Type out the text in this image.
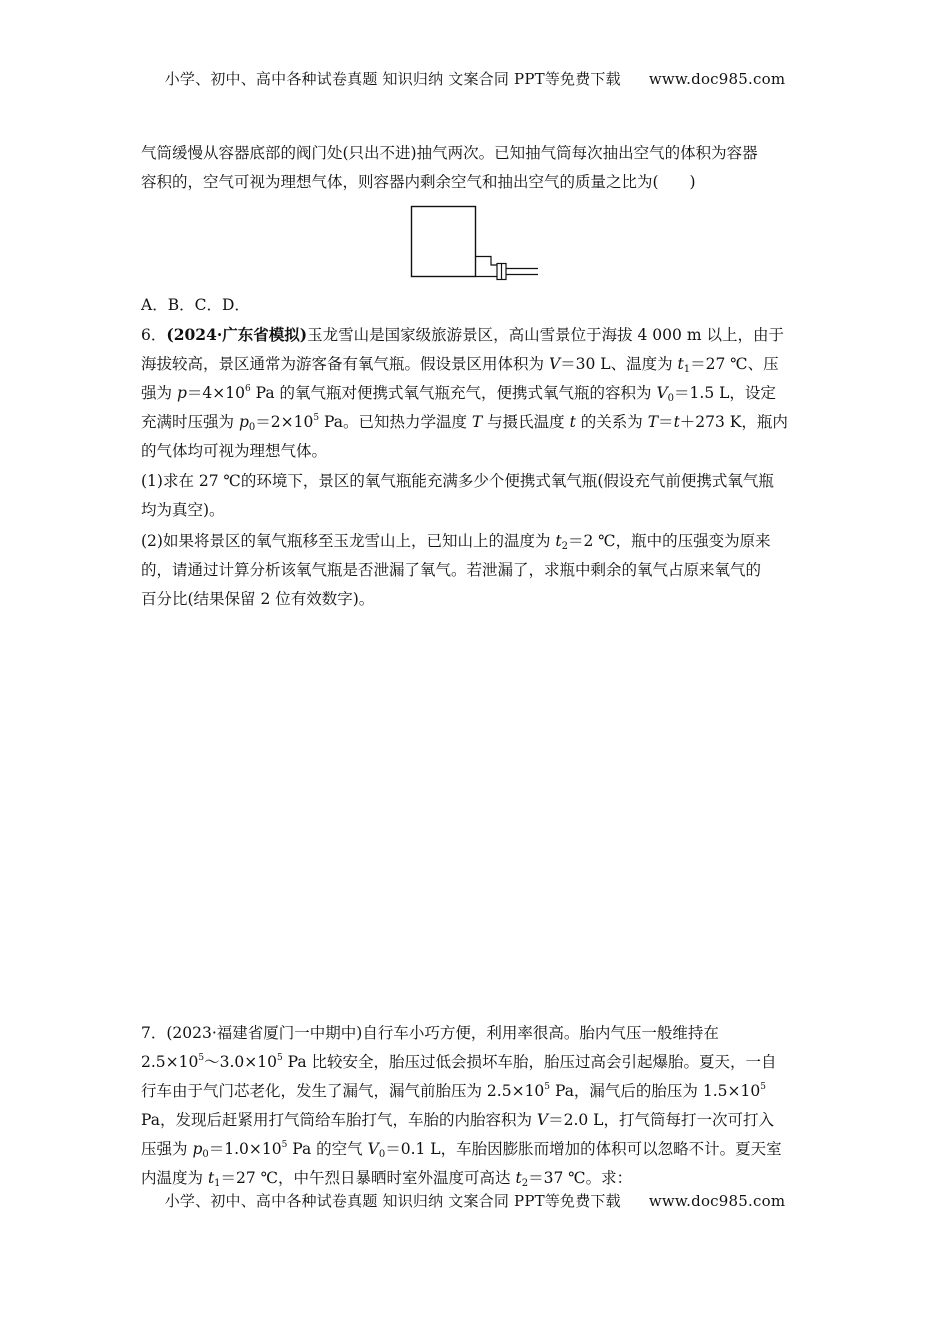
小学、初中、高中各种试卷真题 知识归纳 文案合同 PPT等免费下载 www.doc985.com
气筒缓慢从容器底部的阀门处(只出不进)抽气两次。已知抽气筒每次抽出空气的体积为容器
容积的，空气可视为理想气体，则容器内剩余空气和抽出空气的质量之比为(　　)
A．B．C．D．
6．(2024·广东省模拟)玉龙雪山是国家级旅游景区，高山雪景位于海拔 4 000 m 以上，由于
海拔较高，景区通常为游客备有氧气瓶。假设景区用体积为 V＝30 L、温度为 $t_1=27$ ℃、压
强为 $p=4\times 10^6$ Pa 的氧气瓶对便携式氧气瓶充气，便携式氧气瓶的容积为 $V_0=1.5$ L，设定
充满时压强为 $p_0=2\times 10^5$ Pa。已知热力学温度 T 与摄氏温度 t 的关系为 T＝t＋273 K，瓶内
的气体均可视为理想气体。
(1)求在 27 ℃的环境下，景区的氧气瓶能充满多少个便携式氧气瓶(假设充气前便携式氧气瓶
均为真空)。
(2)如果将景区的氧气瓶移至玉龙雪山上，已知山上的温度为 $t_2=2$ ℃，瓶中的压强变为原来
的，请通过计算分析该氧气瓶是否泄漏了氧气。若泄漏了，求瓶中剩余的氧气占原来氧气的
百分比(结果保留 2 位有效数字)。
7．(2023·福建省厦门一中期中)自行车小巧方便，利用率很高。胎内气压一般维持在
$2.5\times 10^5\sim 3.0\times 10^5$ Pa 比较安全，胎压过低会损坏车胎，胎压过高会引起爆胎。夏天，一自
行车由于气门芯老化，发生了漏气，漏气前胎压为 $2.5\times 10^5$ Pa，漏气后的胎压为 $1.5\times 10^5$
Pa，发现后赶紧用打气筒给车胎打气，车胎的内胎容积为 V＝2.0 L，打气筒每打一次可打入
压强为 $p_0=1.0\times 10^5$ Pa 的空气 $V_0=0.1$ L，车胎因膨胀而增加的体积可以忽略不计。夏天室
内温度为 $t_1=27$ ℃，中午烈日暴晒时室外温度可高达 $t_2=37$ ℃。求：
小学、初中、高中各种试卷真题 知识归纳 文案合同 PPT等免费下载 www.doc985.com
